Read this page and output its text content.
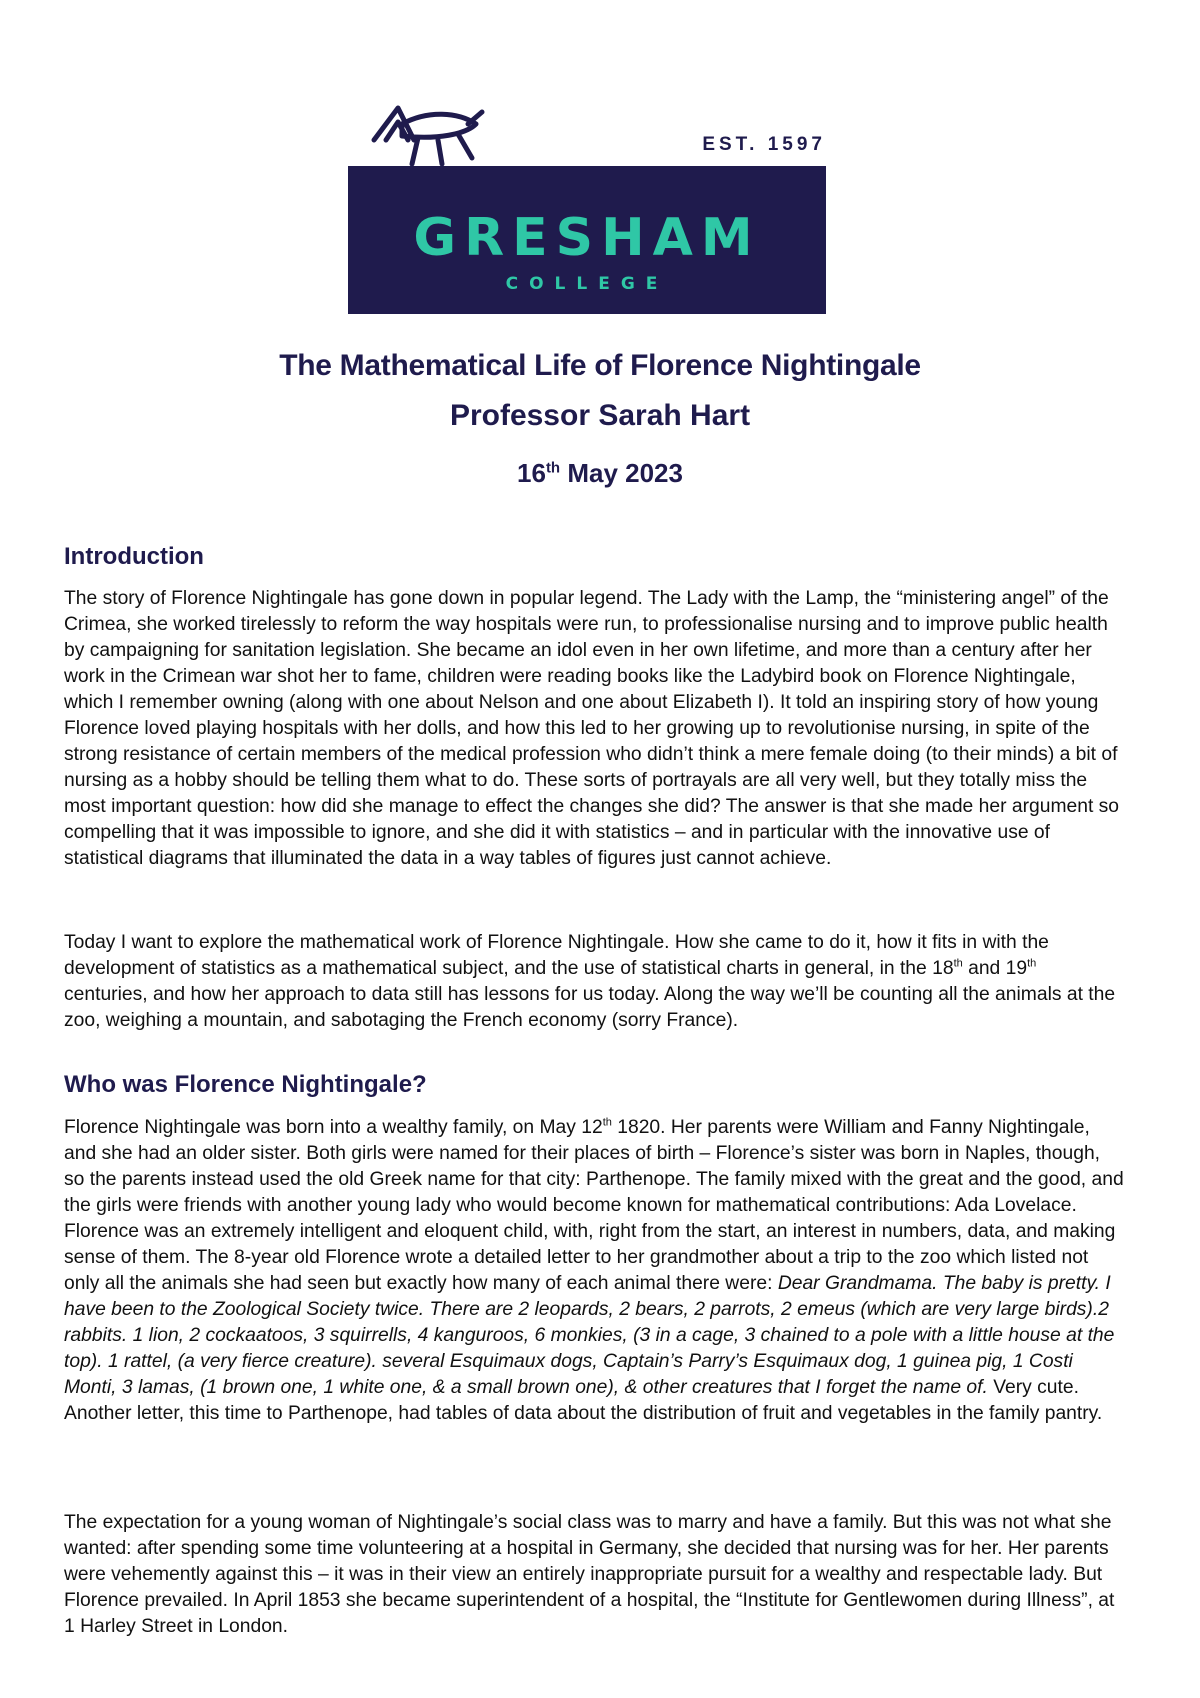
EST. 1597
GRESHAM
COLLEGE
The Mathematical Life of Florence Nightingale
Professor Sarah Hart
16th May 2023
Introduction
The story of Florence Nightingale has gone down in popular legend. The Lady with the Lamp, the “ministering angel” of the Crimea, she worked tirelessly to reform the way hospitals were run, to professionalise nursing and to improve public health by campaigning for sanitation legislation. She became an idol even in her own lifetime, and more than a century after her work in the Crimean war shot her to fame, children were reading books like the Ladybird book on Florence Nightingale, which I remember owning (along with one about Nelson and one about Elizabeth I). It told an inspiring story of how young Florence loved playing hospitals with her dolls, and how this led to her growing up to revolutionise nursing, in spite of the strong resistance of certain members of the medical profession who didn’t think a mere female doing (to their minds) a bit of nursing as a hobby should be telling them what to do. These sorts of portrayals are all very well, but they totally miss the most important question: how did she manage to effect the changes she did? The answer is that she made her argument so compelling that it was impossible to ignore, and she did it with statistics – and in particular with the innovative use of statistical diagrams that illuminated the data in a way tables of figures just cannot achieve.
Today I want to explore the mathematical work of Florence Nightingale. How she came to do it, how it fits in with the development of statistics as a mathematical subject, and the use of statistical charts in general, in the 18th and 19th centuries, and how her approach to data still has lessons for us today. Along the way we’ll be counting all the animals at the zoo, weighing a mountain, and sabotaging the French economy (sorry France).
Who was Florence Nightingale?
Florence Nightingale was born into a wealthy family, on May 12th 1820. Her parents were William and Fanny Nightingale, and she had an older sister. Both girls were named for their places of birth – Florence’s sister was born in Naples, though, so the parents instead used the old Greek name for that city: Parthenope. The family mixed with the great and the good, and the girls were friends with another young lady who would become known for mathematical contributions: Ada Lovelace. Florence was an extremely intelligent and eloquent child, with, right from the start, an interest in numbers, data, and making sense of them. The 8-year old Florence wrote a detailed letter to her grandmother about a trip to the zoo which listed not only all the animals she had seen but exactly how many of each animal there were: Dear Grandmama. The baby is pretty. I have been to the Zoological Society twice. There are 2 leopards, 2 bears, 2 parrots, 2 emeus (which are very large birds).2 rabbits. 1 lion, 2 cockaatoos, 3 squirrells, 4 kanguroos, 6 monkies, (3 in a cage, 3 chained to a pole with a little house at the top). 1 rattel, (a very fierce creature). several Esquimaux dogs, Captain’s Parry’s Esquimaux dog, 1 guinea pig, 1 Costi Monti, 3 lamas, (1 brown one, 1 white one, & a small brown one), & other creatures that I forget the name of. Very cute. Another letter, this time to Parthenope, had tables of data about the distribution of fruit and vegetables in the family pantry.
The expectation for a young woman of Nightingale’s social class was to marry and have a family. But this was not what she wanted: after spending some time volunteering at a hospital in Germany, she decided that nursing was for her. Her parents were vehemently against this – it was in their view an entirely inappropriate pursuit for a wealthy and respectable lady. But Florence prevailed. In April 1853 she became superintendent of a hospital, the “Institute for Gentlewomen during Illness”, at 1 Harley Street in London.
